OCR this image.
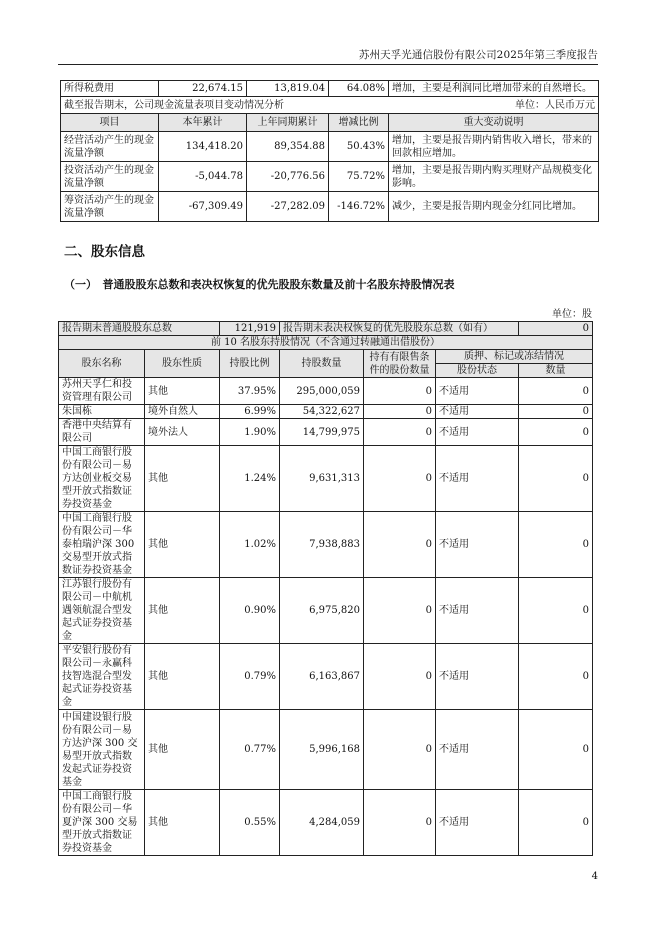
苏州天孚光通信股份有限公司2025年第三季度报告
所得税费用	22,674.15	13,819.04	64.08%	增加，主要是利润同比增加带来的自然增长。
截至报告期末，公司现金流量表项目变动情况分析 单位：人民币万元				

项目	本年累计	上年同期累计	增减比例	重大变动说明
经营活动产生的现金流量净额	134,418.20	89,354.88	50.43%	增加，主要是报告期内销售收入增长，带来的回款相应增加。
投资活动产生的现金流量净额	-5,044.78	-20,776.56	75.72%	增加，主要是报告期内购买理财产品规模变化影响。
筹资活动产生的现金流量净额	-67,309.49	-27,282.09	-146.72%	减少，主要是报告期内现金分红同比增加。
二、股东信息
（一）　普通股股东总数和表决权恢复的优先股股东数量及前十名股东持股情况表
单位：股
报告期末普通股股东总数		121,919	报告期末表决权恢复的优先股股东总数（如有）			0
前 10 名股东持股情况（不含通过转融通出借股份）						
股东名称	股东性质	持股比例	持股数量	持有有限售条件的股份数量	质押、标记或冻结情况	
					股份状态	数量
苏州天孚仁和投资管理有限公司	其他	37.95%	295,000,059	0	不适用	0
朱国栋	境外自然人	6.99%	54,322,627	0	不适用	0
香港中央结算有限公司	境外法人	1.90%	14,799,975	0	不适用	0
中国工商银行股份有限公司－易方达创业板交易型开放式指数证券投资基金	其他	1.24%	9,631,313	0	不适用	0
中国工商银行股份有限公司－华泰柏瑞沪深 300 交易型开放式指数证券投资基金	其他	1.02%	7,938,883	0	不适用	0
江苏银行股份有限公司－中航机遇领航混合型发起式证券投资基金	其他	0.90%	6,975,820	0	不适用	0
平安银行股份有限公司－永赢科技智选混合型发起式证券投资基金	其他	0.79%	6,163,867	0	不适用	0
中国建设银行股份有限公司－易方达沪深 300 交易型开放式指数发起式证券投资基金	其他	0.77%	5,996,168	0	不适用	0
中国工商银行股份有限公司－华夏沪深 300 交易型开放式指数证券投资基金	其他	0.55%	4,284,059	0	不适用	0
4
